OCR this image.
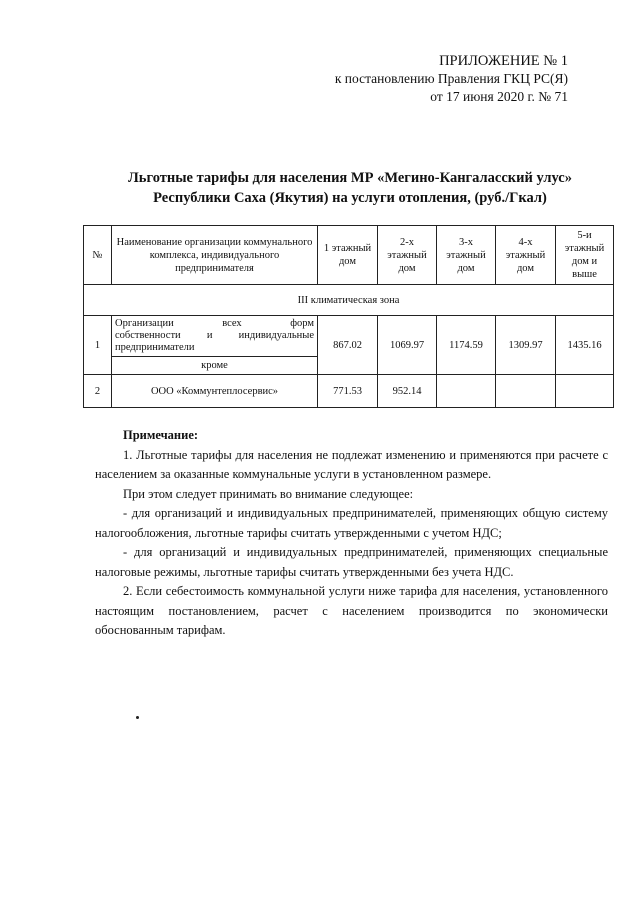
ПРИЛОЖЕНИЕ № 1
к постановлению Правления ГКЦ РС(Я)
от 17 июня 2020 г. № 71
Льготные тарифы для населения МР «Мегино-Кангаласский улус»
Республики Саха (Якутия) на услуги отопления, (руб./Гкал)
№	Наименование организации коммунального комплекса, индивидуального предпринимателя	1 этажный дом	2-х этажный дом	3-х этажный дом	4-х этажный дом	5-и этажный дом и выше
III климатическая зона						
1	Организации всех форм
собственности и индивидуальные
предприниматели	867.02	1069.97	1174.59	1309.97	1435.16
	кроме					
2	ООО «Коммунтеплосервис»	771.53	952.14			

Примечание:

1. Льготные тарифы для населения не подлежат изменению и применяются при расчете с населением за оказанные коммунальные услуги в установленном размере.

При этом следует принимать во внимание следующее:

- для организаций и индивидуальных предпринимателей, применяющих общую систему налогообложения, льготные тарифы считать утвержденными с учетом НДС;

- для организаций и индивидуальных предпринимателей, применяющих специальные налоговые режимы, льготные тарифы считать утвержденными без учета НДС.

2. Если себестоимость коммунальной услуги ниже тарифа для населения, установленного настоящим постановлением, расчет с населением производится по экономически обоснованным тарифам.
